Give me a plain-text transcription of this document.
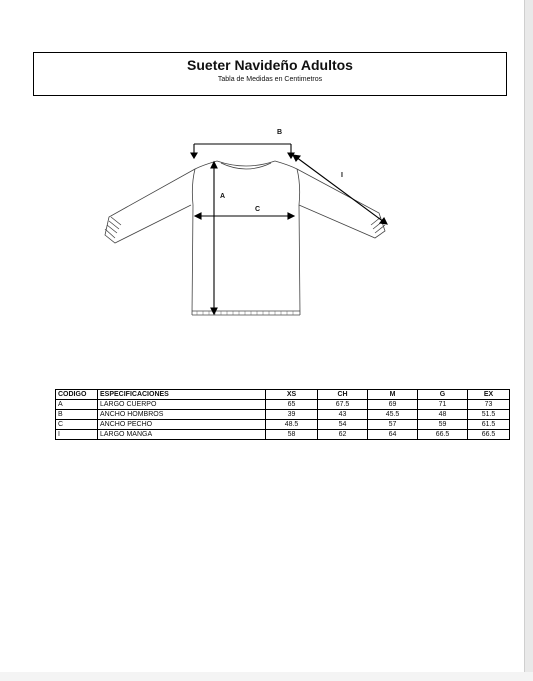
Sueter Navideño Adultos
Tabla de Medidas en Centimetros
B
A
C
I
CODIGO	ESPECIFICACIONES	XS	CH	M	G	EX
A	LARGO CUERPO	65	67.5	69	71	73
B	ANCHO HOMBROS	39	43	45.5	48	51.5
C	ANCHO PECHO	48.5	54	57	59	61.5
I	LARGO MANGA	58	62	64	66.5	66.5
